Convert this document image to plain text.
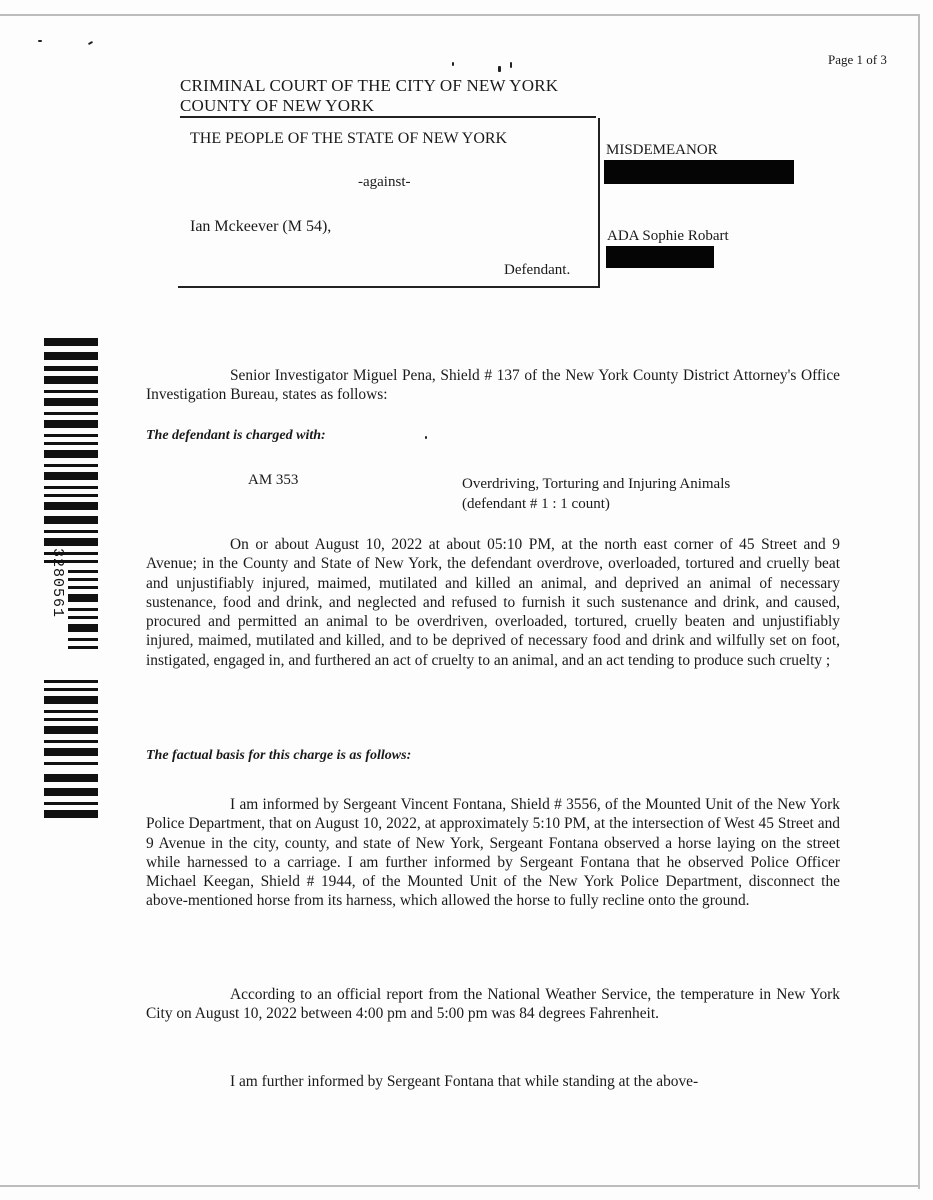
Page 1 of 3
CRIMINAL COURT OF THE CITY OF NEW YORK
COUNTY OF NEW YORK
THE PEOPLE OF THE STATE OF NEW YORK
-against-
Ian Mckeever (M 54),
Defendant.
MISDEMEANOR
ADA Sophie Robart
3280561
Senior Investigator Miguel Pena, Shield # 137 of the New York County District Attorney's Office Investigation Bureau, states as follows:
The defendant is charged with:
AM 353	Overdriving, Torturing and Injuring Animals
(defendant # 1 : 1 count)
On or about August 10, 2022 at about 05:10 PM, at the north east corner of 45 Street and 9 Avenue; in the County and State of New York, the defendant overdrove, overloaded, tortured and cruelly beat and unjustifiably injured, maimed, mutilated and killed an animal, and deprived an animal of necessary sustenance, food and drink, and neglected and refused to furnish it such sustenance and drink, and caused, procured and permitted an animal to be overdriven, overloaded, tortured, cruelly beaten and unjustifiably injured, maimed, mutilated and killed, and to be deprived of necessary food and drink and wilfully set on foot, instigated, engaged in, and furthered an act of cruelty to an animal, and an act tending to produce such cruelty ;
The factual basis for this charge is as follows:
I am informed by Sergeant Vincent Fontana, Shield # 3556, of the Mounted Unit of the New York Police Department, that on August 10, 2022, at approximately 5:10 PM, at the intersection of West 45 Street and 9 Avenue in the city, county, and state of New York, Sergeant Fontana observed a horse laying on the street while harnessed to a carriage. I am further informed by Sergeant Fontana that he observed Police Officer Michael Keegan, Shield # 1944, of the Mounted Unit of the New York Police Department, disconnect the above-mentioned horse from its harness, which allowed the horse to fully recline onto the ground.
According to an official report from the National Weather Service, the temperature in New York City on August 10, 2022 between 4:00 pm and 5:00 pm was 84 degrees Fahrenheit.
I am further informed by Sergeant Fontana that while standing at the above-
